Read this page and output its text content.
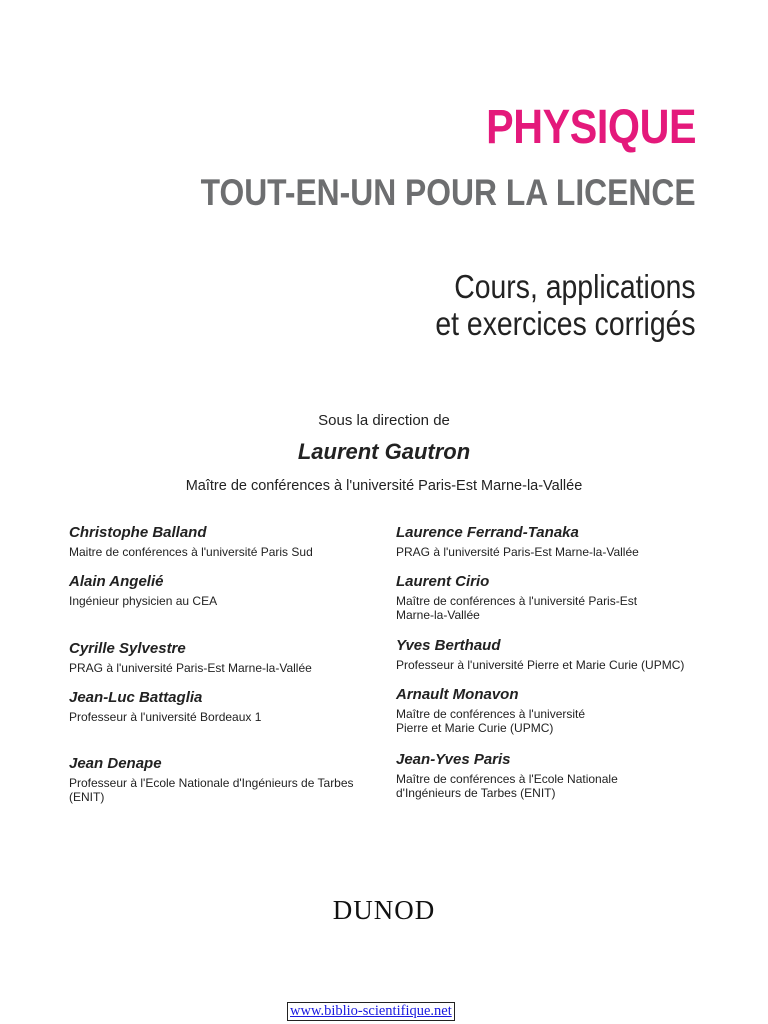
PHYSIQUE
TOUT-EN-UN POUR LA LICENCE
Cours, applications
et exercices corrigés
Sous la direction de
Laurent Gautron
Maître de conférences à l'université Paris-Est Marne-la-Vallée
Christophe Balland
Maitre de conférences à l'université Paris Sud
Alain Angelié
Ingénieur physicien au CEA
Cyrille Sylvestre
PRAG à l'université Paris-Est Marne-la-Vallée
Jean-Luc Battaglia
Professeur à l'université Bordeaux 1
Jean Denape
Professeur à l'Ecole Nationale d'Ingénieurs de Tarbes
(ENIT)
Laurence Ferrand-Tanaka
PRAG à l'université Paris-Est Marne-la-Vallée
Laurent Cirio
Maître de conférences à l'université Paris-Est
Marne-la-Vallée
Yves Berthaud
Professeur à l'université Pierre et Marie Curie (UPMC)
Arnault Monavon
Maître de conférences à l'université
Pierre et Marie Curie (UPMC)
Jean-Yves Paris
Maître de conférences à l'Ecole Nationale
d'Ingénieurs de Tarbes (ENIT)
DUNOD
www.biblio-scientifique.net
